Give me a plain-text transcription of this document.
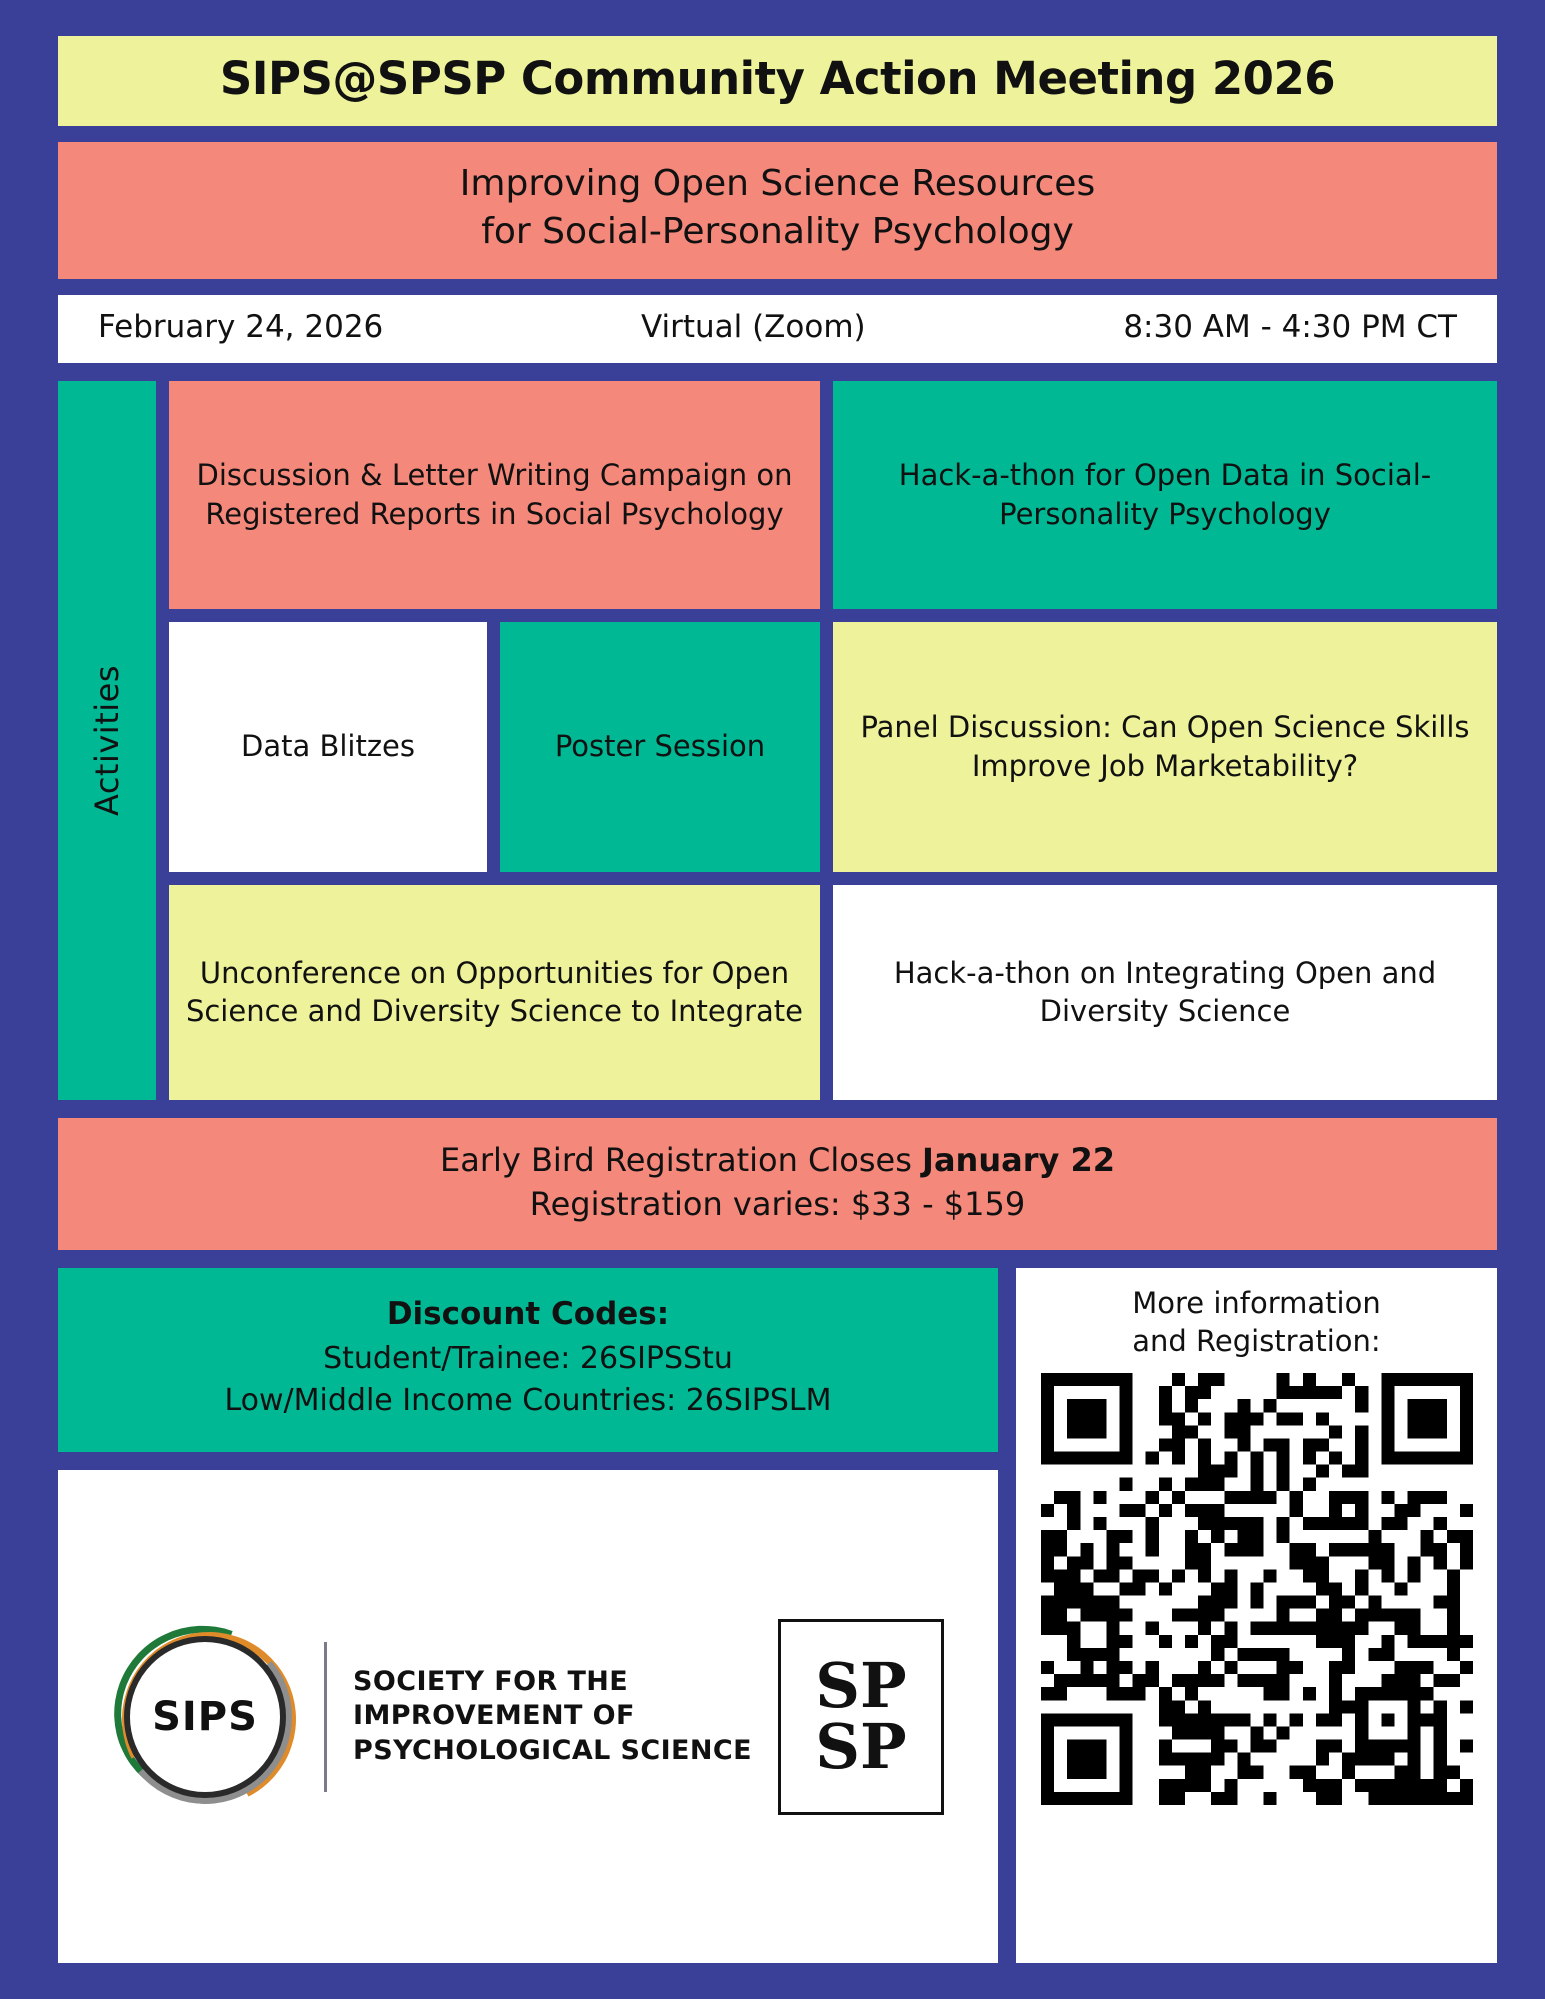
SIPS@SPSP Community Action Meeting 2026
Improving Open Science Resources
for Social-Personality Psychology
February 24, 2026	Virtual (Zoom)	8:30 AM - 4:30 PM CT
Activities
Discussion & Letter Writing Campaign on Registered Reports in Social Psychology
Hack-a-thon for Open Data in Social-Personality Psychology
Data Blitzes	Poster Session
Panel Discussion: Can Open Science Skills Improve Job Marketability?
Unconference on Opportunities for Open Science and Diversity Science to Integrate
Hack-a-thon on Integrating Open and Diversity Science
Early Bird Registration Closes January 22
Registration varies: $33 - $159
Discount Codes:
Student/Trainee: 26SIPSStu
Low/Middle Income Countries: 26SIPSLM
SIPS
SOCIETY FOR THE
IMPROVEMENT OF
PSYCHOLOGICAL SCIENCE
SP
SP
More information
and Registration:
